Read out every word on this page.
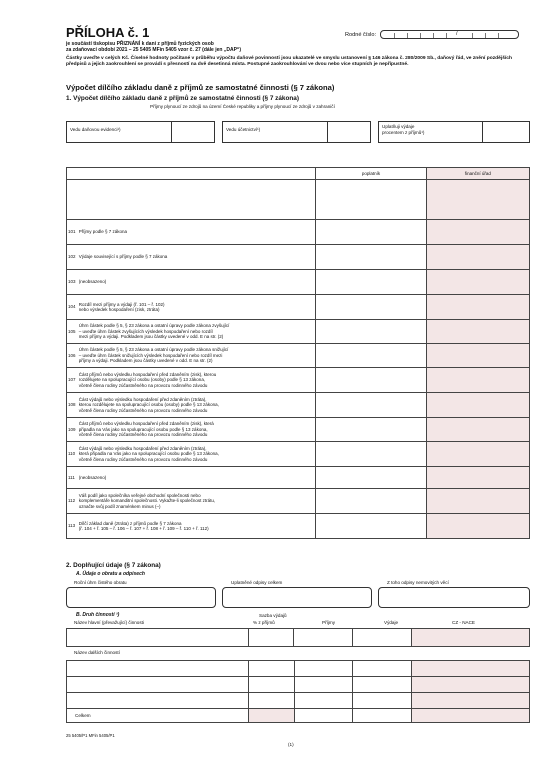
PŘÍLOHA č. 1
je součástí tiskopisu PŘIZNÁNÍ k dani z příjmů fyzických osob
za zdaňovací období 2021 – 25 5405 MFin 5405 vzor č. 27 (dále jen „DAP“)
Rodné číslo:	/
Částky uveďte v celých Kč. Číselné hodnoty počítané v průběhu výpočtu daňové povinnosti jsou ukazatelé ve smyslu ustanovení § 146 zákona č. 280/2009 Sb., daňový řád, ve znění pozdějších předpisů a jejich zaokrouhlení se provádí s přesností na dvě desetinná místa. Postupné zaokrouhlování ve dvou nebo více stupních je nepřípustné.
Výpočet dílčího základu daně z příjmů ze samostatné činnosti (§ 7 zákona)
1. Výpočet dílčího základu daně z příjmů ze samostatné činnosti (§ 7 zákona)
Příjmy plynoucí ze zdrojů na území České republiky a příjmy plynoucí ze zdrojů v zahraničí
Vedu daňovou evidenci¹)	Vedu účetnictví¹)
Uplatňuji výdaje
procentem z příjmů¹)
		poplatník	finanční úřad

101	Příjmy podle § 7 zákona		
102	Výdaje související s příjmy podle § 7 zákona		
103	(neobsazeno)		
104	Rozdíl mezi příjmy a výdaji (ř. 101 – ř. 102)
nebo výsledek hospodaření (zisk, ztráta)		
105	Úhrn částek podle § 5, § 23 zákona a ostatní úpravy podle zákona zvyšující
– uveďte úhrn částek zvyšujících výsledek hospodaření nebo rozdíl
mezi příjmy a výdaji. Podkladem jsou částky uvedené v odd. E na str. (2)		
106	Úhrn částek podle § 5, § 23 zákona a ostatní úpravy podle zákona snižující
– uveďte úhrn částek snižujících výsledek hospodaření nebo rozdíl mezi
příjmy a výdaji. Podkladem jsou částky uvedené v odd. E na str. (2)		
107	Část příjmů nebo výsledku hospodaření před zdaněním (zisk), kterou
rozdělujete na spolupracující osobu (osoby) podle § 13 zákona,
včetně člena rodiny zúčastněného na provozu rodinného závodu		
108	Část výdajů nebo výsledku hospodaření před zdaněním (ztráta),
kterou rozdělujete na spolupracující osobu (osoby) podle § 13 zákona,
včetně člena rodiny zúčastněného na provozu rodinného závodu		
109	Část příjmů nebo výsledku hospodaření před zdaněním (zisk), která
připadla na Vás jako na spolupracující osobu podle § 13 zákona,
včetně člena rodiny zúčastněného na provozu rodinného závodu		
110	Část výdajů nebo výsledku hospodaření před zdaněním (ztráta),
která připadla na Vás jako na spolupracující osobu podle § 13 zákona,
včetně člena rodiny zúčastněného na provozu rodinného závodu		
111	(neobsazeno)		
112	Váš podíl jako společníka veřejné obchodní společnosti nebo
komplementáře komanditní společnosti. Vykažte-li společnost ztrátu,
označte svůj podíl znaménkem minus (–)		
113	Dílčí základ daně (ztráta) z příjmů podle § 7 zákona
(ř. 104 + ř. 105 – ř. 106 – ř. 107 + ř. 108 + ř. 109 – ř. 110 + ř. 112)		
2. Doplňující údaje (§ 7 zákona)
A. Údaje o obratu a odpisech
Roční úhrn čistého obratu	Uplatněné odpisy celkem	Z toho odpisy nemovitých věcí
B. Druh činností ²)
Název hlavní (převažující) činnosti
Sazba výdajů
% z příjmů	Příjmy	Výdaje	CZ - NACE

Název dalších činností

Celkem				
25 5405/P1 MFin 5405/P1
(1)
